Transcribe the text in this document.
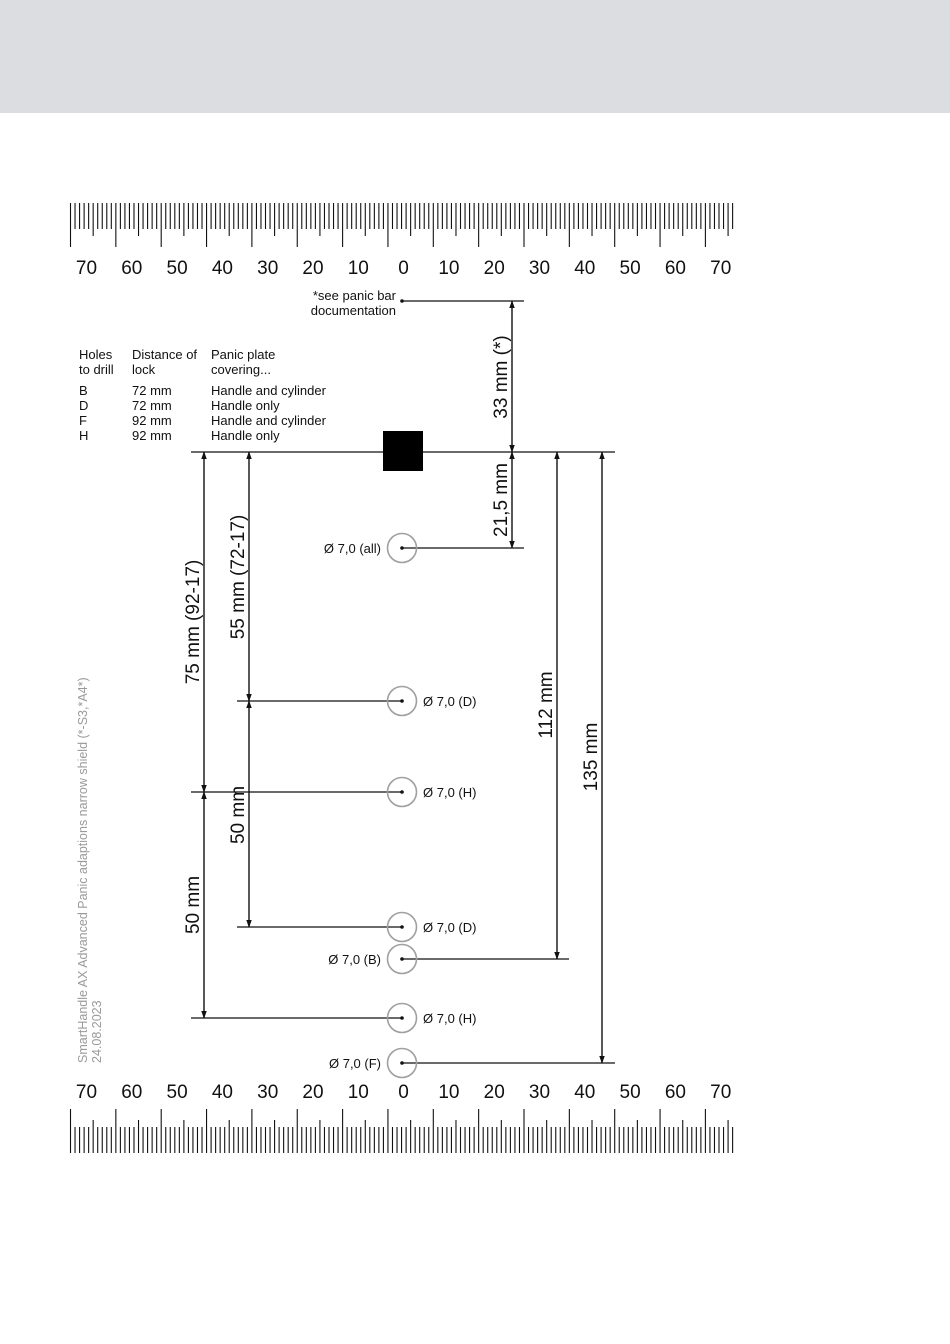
70 60 50 40 30 20 10 0 10 20 30 40 50 60 70
70 60 50 40 30 20 10 0 10 20 30 40 50 60 70
*see panic bar
documentation
Holes
to drill
Distance of
lock
Panic plate
covering...
B	72 mm	Handle and cylinder
D	72 mm	Handle only
F	92 mm	Handle and cylinder
H	92 mm	Handle only
33 mm (*)
21,5 mm
75 mm (92-17) 55 mm (72-17)
50 mm
50 mm
112 mm
135 mm
Ø 7,0 (all)
Ø 7,0 (D)
Ø 7,0 (H)
Ø 7,0 (D)
Ø 7,0 (B)
Ø 7,0 (H)
Ø 7,0 (F)
SmartHandle AX Advanced Panic adaptions narrow shield (*-S3,*A4*) 24.08.2023
